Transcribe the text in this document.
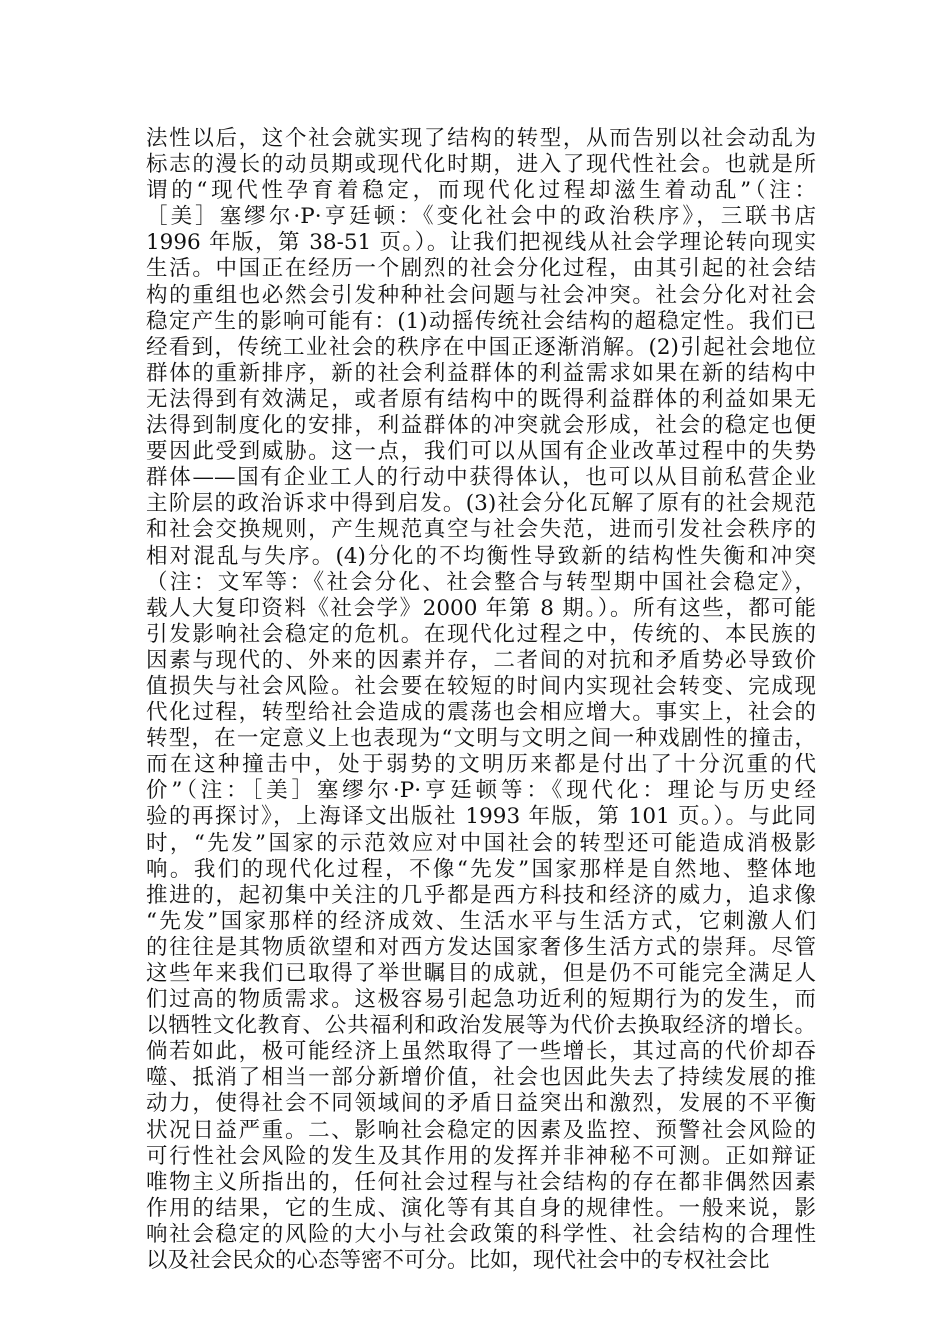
法性以后，这个社会就实现了结构的转型，从而告别以社会动乱为
标志的漫长的动员期或现代化时期，进入了现代性社会。也就是所
谓的“现代性孕育着稳定，而现代化过程却滋生着动乱”（注：
［美］塞缪尔·P·亨廷顿：《变化社会中的政治秩序》，三联书店
1996 年版，第 38-51 页。）。让我们把视线从社会学理论转向现实
生活。中国正在经历一个剧烈的社会分化过程，由其引起的社会结
构的重组也必然会引发种种社会问题与社会冲突。社会分化对社会
稳定产生的影响可能有：(1)动摇传统社会结构的超稳定性。我们已
经看到，传统工业社会的秩序在中国正逐渐消解。(2)引起社会地位
群体的重新排序，新的社会利益群体的利益需求如果在新的结构中
无法得到有效满足，或者原有结构中的既得利益群体的利益如果无
法得到制度化的安排，利益群体的冲突就会形成，社会的稳定也便
要因此受到威胁。这一点，我们可以从国有企业改革过程中的失势
群体——国有企业工人的行动中获得体认，也可以从目前私营企业
主阶层的政治诉求中得到启发。(3)社会分化瓦解了原有的社会规范
和社会交换规则，产生规范真空与社会失范，进而引发社会秩序的
相对混乱与失序。(4)分化的不均衡性导致新的结构性失衡和冲突
（注：文军等：《社会分化、社会整合与转型期中国社会稳定》，
载人大复印资料《社会学》2000 年第 8 期。）。所有这些，都可能
引发影响社会稳定的危机。在现代化过程之中，传统的、本民族的
因素与现代的、外来的因素并存，二者间的对抗和矛盾势必导致价
值损失与社会风险。社会要在较短的时间内实现社会转变、完成现
代化过程，转型给社会造成的震荡也会相应增大。事实上，社会的
转型，在一定意义上也表现为“文明与文明之间一种戏剧性的撞击，
而在这种撞击中，处于弱势的文明历来都是付出了十分沉重的代
价”（注：［美］塞缪尔·P·亨廷顿等：《现代化：理论与历史经
验的再探讨》，上海译文出版社 1993 年版，第 101 页。）。与此同
时，“先发”国家的示范效应对中国社会的转型还可能造成消极影
响。我们的现代化过程，不像“先发”国家那样是自然地、整体地
推进的，起初集中关注的几乎都是西方科技和经济的威力，追求像
“先发”国家那样的经济成效、生活水平与生活方式，它刺激人们
的往往是其物质欲望和对西方发达国家奢侈生活方式的崇拜。尽管
这些年来我们已取得了举世瞩目的成就，但是仍不可能完全满足人
们过高的物质需求。这极容易引起急功近利的短期行为的发生，而
以牺牲文化教育、公共福利和政治发展等为代价去换取经济的增长。
倘若如此，极可能经济上虽然取得了一些增长，其过高的代价却吞
噬、抵消了相当一部分新增价值，社会也因此失去了持续发展的推
动力，使得社会不同领域间的矛盾日益突出和激烈，发展的不平衡
状况日益严重。二、影响社会稳定的因素及监控、预警社会风险的
可行性社会风险的发生及其作用的发挥并非神秘不可测。正如辩证
唯物主义所指出的，任何社会过程与社会结构的存在都非偶然因素
作用的结果，它的生成、演化等有其自身的规律性。一般来说，影
响社会稳定的风险的大小与社会政策的科学性、社会结构的合理性
以及社会民众的心态等密不可分。比如，现代社会中的专权社会比
